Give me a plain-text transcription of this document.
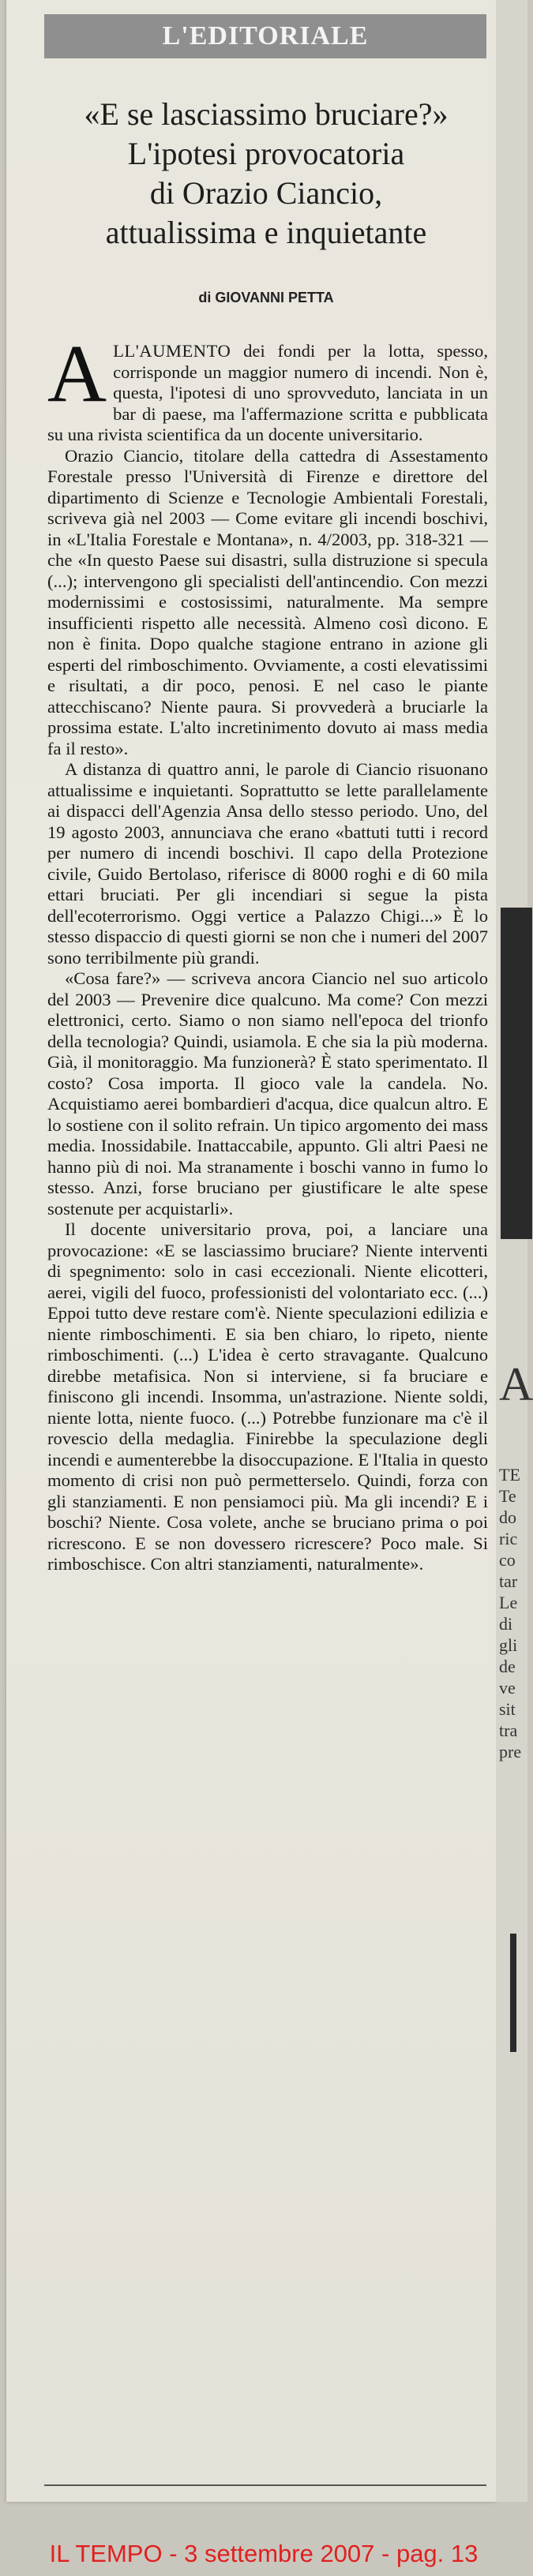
L'EDITORIALE
«E se lasciassimo bruciare?»
L'ipotesi provocatoria
di Orazio Ciancio,
attualissima e inquietante
di GIOVANNI PETTA

ALL'AUMENTO dei fondi per la lotta, spesso, corrisponde un maggior numero di incendi. Non è, questa, l'ipotesi di uno sprovveduto, lanciata in un bar di paese, ma l'affermazione scritta e pubblicata su una rivista scientifica da un docente universitario.

Orazio Ciancio, titolare della cattedra di Assestamento Forestale presso l'Università di Firenze e direttore del dipartimento di Scienze e Tecnologie Ambientali Forestali, scriveva già nel 2003 — Come evitare gli incendi boschivi, in «L'Italia Forestale e Montana», n. 4/2003, pp. 318-321 — che «In questo Paese sui disastri, sulla distruzione si specula (...); intervengono gli specialisti dell'antincendio. Con mezzi modernissimi e costosissimi, naturalmente. Ma sempre insufficienti rispetto alle necessità. Almeno così dicono. E non è finita. Dopo qualche stagione entrano in azione gli esperti del rimboschimento. Ovviamente, a costi elevatissimi e risultati, a dir poco, penosi. E nel caso le piante attecchiscano? Niente paura. Si provvederà a bruciarle la prossima estate. L'alto incretinimento dovuto ai mass media fa il resto».

A distanza di quattro anni, le parole di Ciancio risuonano attualissime e inquietanti. Soprattutto se lette parallelamente ai dispacci dell'Agenzia Ansa dello stesso periodo. Uno, del 19 agosto 2003, annunciava che erano «battuti tutti i record per numero di incendi boschivi. Il capo della Protezione civile, Guido Bertolaso, riferisce di 8000 roghi e di 60 mila ettari bruciati. Per gli incendiari si segue la pista dell'ecoterrorismo. Oggi vertice a Palazzo Chigi...» È lo stesso dispaccio di questi giorni se non che i numeri del 2007 sono terribilmente più grandi.

«Cosa fare?» — scriveva ancora Ciancio nel suo articolo del 2003 — Prevenire dice qualcuno. Ma come? Con mezzi elettronici, certo. Siamo o non siamo nell'epoca del trionfo della tecnologia? Quindi, usiamola. E che sia la più moderna. Già, il monitoraggio. Ma funzionerà? È stato sperimentato. Il costo? Cosa importa. Il gioco vale la candela. No. Acquistiamo aerei bombardieri d'acqua, dice qualcun altro. E lo sostiene con il solito refrain. Un tipico argomento dei mass media. Inossidabile. Inattaccabile, appunto. Gli altri Paesi ne hanno più di noi. Ma stranamente i boschi vanno in fumo lo stesso. Anzi, forse bruciano per giustificare le alte spese sostenute per acquistarli».

Il docente universitario prova, poi, a lanciare una provocazione: «E se lasciassimo bruciare? Niente interventi di spegnimento: solo in casi eccezionali. Niente elicotteri, aerei, vigili del fuoco, professionisti del volontariato ecc. (...) Eppoi tutto deve restare com'è. Niente speculazioni edilizia e niente rimboschimenti. E sia ben chiaro, lo ripeto, niente rimboschimenti. (...) L'idea è certo stravagante. Qualcuno direbbe metafisica. Non si interviene, si fa bruciare e finiscono gli incendi. Insomma, un'astrazione. Niente soldi, niente lotta, niente fuoco. (...) Potrebbe funzionare ma c'è il rovescio della medaglia. Finirebbe la speculazione degli incendi e aumenterebbe la disoccupazione. E l'Italia in questo momento di crisi non può permetterselo. Quindi, forza con gli stanziamenti. E non pensiamoci più. Ma gli incendi? E i boschi? Niente. Cosa volete, anche se bruciano prima o poi ricrescono. E se non dovessero ricrescere? Poco male. Si rimboschisce. Con altri stanziamenti, naturalmente».

A
TE
Te
do
ric
co
tar
Le
di
gli
de
ve
sit
tra
pre
IL TEMPO - 3 settembre 2007 - pag. 13
